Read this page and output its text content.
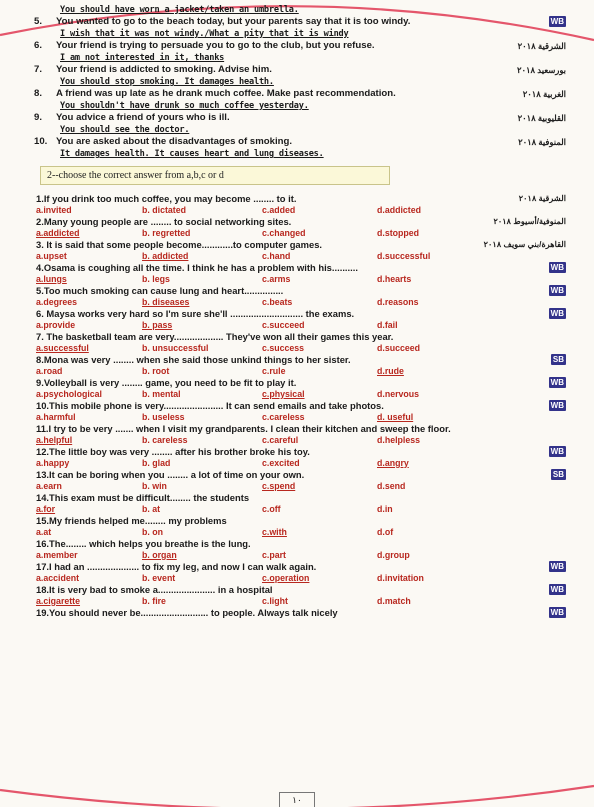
You should have worn a jacket/taken an umbrella.
5.	You wanted to go to the beach today, but your parents say that it is too windy.	WB
I wish that it was not windy./What a pity that it is windy
6.	Your friend is trying to persuade you to go to the club, but you refuse.	الشرقية ٢٠١٨
I am not interested in it, thanks
7.	Your friend is addicted to smoking. Advise him.	بورسعيد ٢٠١٨
You should stop smoking. It damages health.
8.	A friend was up late as he drank much coffee. Make past recommendation.	الغربية ٢٠١٨
You shouldn't have drunk so much coffee yesterday.
9.	You advice a friend of yours who is ill.	القليوبية ٢٠١٨
You should see the doctor.
10. You are asked about the disadvantages of smoking.	المنوفية ٢٠١٨
It damages health. It causes heart and lung diseases.
2--choose the correct answer from a,b,c or d
1.If you drink too much coffee, you may become ........ to it.	الشرقية ٢٠١٨
a.invited	b. dictated	c.added	d.addicted
2.Many young people are ........ to social networking sites.	المنوفية/أسيوط ٢٠١٨
a.addicted	b. regretted	c.changed	d.stopped
3. It is said that some people become............to computer games.	القاهرة/بني سويف ٢٠١٨
a.upset	b. addicted	c.hand	d.successful
4.Osama is coughing all the time. I think he has a problem with his..........	WB
a.lungs	b. legs	c.arms	d.hearts
5.Too much smoking can cause lung and heart...............	WB
a.degrees	b. diseases	c.beats	d.reasons
6. Maysa works very hard so I'm sure she'll ............................ the exams.	WB
a.provide	b. pass	c.succeed	d.fail
7. The basketball team are very................... They've won all their games this year.
a.successful	b. unsuccessful	c.success	d.succeed
8.Mona was very ........ when she said those unkind things to her sister.	SB
a.road	b. root	c.rule	d.rude
9.Volleyball is very ........ game, you need to be fit to play it.	WB
a.psychological	b. mental	c.physical	d.nervous
10.This mobile phone is very....................... It can send emails and take photos.	WB
a.harmful	b. useless	c.careless	d. useful
11.I try to be very ....... when I visit my grandparents. I clean their kitchen and sweep the floor.
a.helpful	b. careless	c.careful	d.helpless
12.The little boy was very ........ after his brother broke his toy.	WB
a.happy	b. glad	c.excited	d.angry
13.It can be boring when you ........ a lot of time on your own.	SB
a.earn	b. win	c.spend	d.send
14.This exam must be difficult........ the students
a.for	b. at	c.off	d.in
15.My friends helped me........ my problems
a.at	b. on	c.with	d.of
16.The........ which helps you breathe is the lung.
a.member	b. organ	c.part	d.group
17.I had an .................... to fix my leg, and now I can walk again.	WB
a.accident	b. event	c.operation	d.invitation
18.It is very bad to smoke a...................... in a hospital	WB
a.cigarette	b. fire	c.light	d.match
19.You should never be.......................... to people. Always talk nicely	WB
١٠
